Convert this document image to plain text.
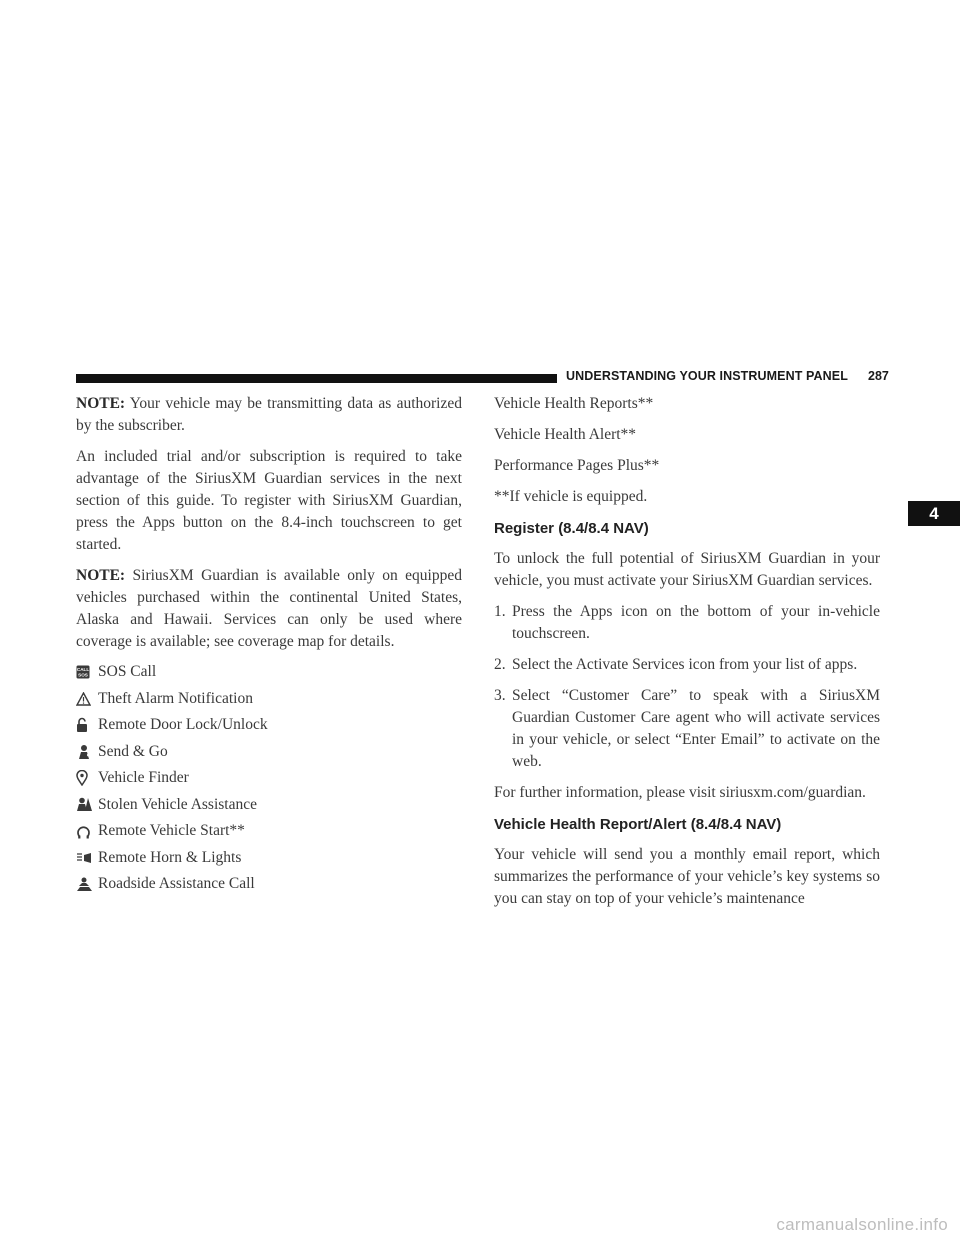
UNDERSTANDING YOUR INSTRUMENT PANEL 287
4

NOTE: Your vehicle may be transmitting data as authorized by the subscriber.

An included trial and/or subscription is required to take advantage of the SiriusXM Guardian services in the next section of this guide. To register with SiriusXM Guardian, press the Apps button on the 8.4-inch touchscreen to get started.

NOTE: SiriusXM Guardian is available only on equipped vehicles purchased within the continental United States, Alaska and Hawaii. Services can only be used where coverage is available; see coverage map for details.

CALL
SOS SOS Call
Theft Alarm Notification
Remote Door Lock/Unlock
Send & Go
Vehicle Finder
Stolen Vehicle Assistance
Remote Vehicle Start**
Remote Horn & Lights
Roadside Assistance Call

Vehicle Health Reports**

Vehicle Health Alert**

Performance Pages Plus**

**If vehicle is equipped.

Register (8.4/8.4 NAV)

To unlock the full potential of SiriusXM Guardian in your vehicle, you must activate your SiriusXM Guardian services.

1. Press the Apps icon on the bottom of your in-vehicle touchscreen.
2. Select the Activate Services icon from your list of apps.
3. Select “Customer Care” to speak with a SiriusXM Guardian Customer Care agent who will activate services in your vehicle, or select “Enter Email” to activate on the web.

For further information, please visit siriusxm.com/guardian.

Vehicle Health Report/Alert (8.4/8.4 NAV)

Your vehicle will send you a monthly email report, which summarizes the performance of your vehicle’s key systems so you can stay on top of your vehicle’s maintenance

carmanualsonline.info
